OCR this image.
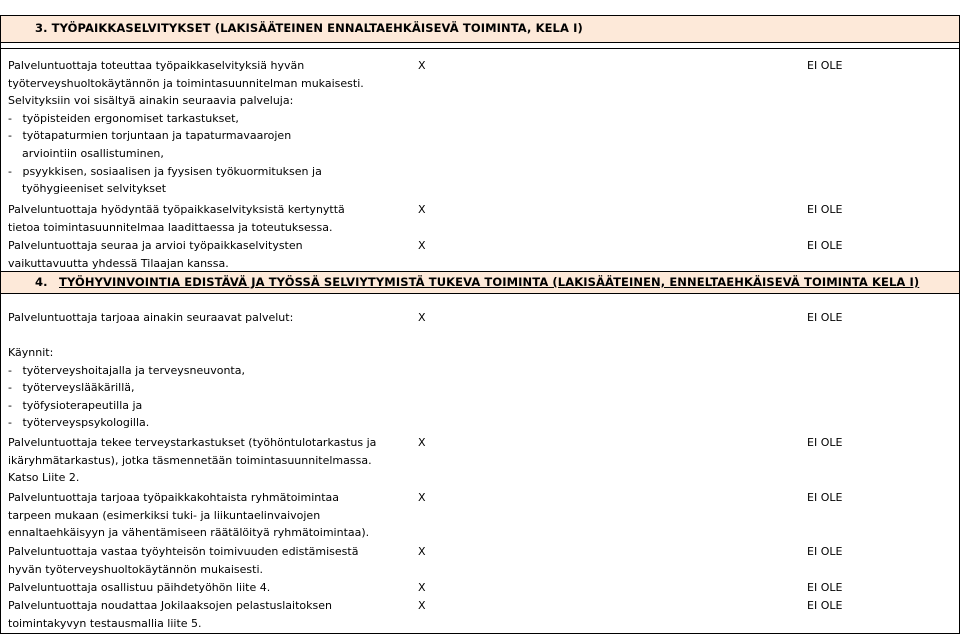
3. TYÖPAIKKASELVITYKSET (LAKISÄÄTEINEN ENNALTAEHKÄISEVÄ TOIMINTA, KELA I)
Palveluntuottaja toteuttaa työpaikkaselvityksiä hyvän
työterveyshuoltokäytännön ja toimintasuunnitelman mukaisesti.
Selvityksiin voi sisältyä ainakin seuraavia palveluja:
-   työpisteiden ergonomiset tarkastukset,
-   työtapaturmien torjuntaan ja tapaturmavaarojen
arviointiin osallistuminen,
-   psyykkisen, sosiaalisen ja fyysisen työkuormituksen ja
työhygieeniset selvitykset
X	EI OLE
Palveluntuottaja hyödyntää työpaikkaselvityksistä kertynyttä
tietoa toimintasuunnitelmaa laadittaessa ja toteutuksessa.
X	EI OLE
Palveluntuottaja seuraa ja arvioi työpaikkaselvitysten
vaikuttavuutta yhdessä Tilaajan kanssa.
X	EI OLE
4. TYÖHYVINVOINTIA EDISTÄVÄ JA TYÖSSÄ SELVIYTYMISTÄ TUKEVA TOIMINTA (LAKISÄÄTEINEN, ENNELTAEHKÄISEVÄ TOIMINTA KELA I)
Palveluntuottaja tarjoaa ainakin seuraavat palvelut:	X	EI OLE
Käynnit:
-   työterveyshoitajalla ja terveysneuvonta,
-   työterveyslääkärillä,
-   työfysioterapeutilla ja
-   työterveyspsykologilla.
Palveluntuottaja tekee terveystarkastukset (työhöntulotarkastus ja
ikäryhmätarkastus), jotka täsmennetään toimintasuunnitelmassa.
Katso Liite 2.
X	EI OLE
Palveluntuottaja tarjoaa työpaikkakohtaista ryhmätoimintaa
tarpeen mukaan (esimerkiksi tuki- ja liikuntaelinvaivojen
ennaltaehkäisyyn ja vähentämiseen räätälöityä ryhmätoimintaa).
X	EI OLE
Palveluntuottaja vastaa työyhteisön toimivuuden edistämisestä
hyvän työterveyshuoltokäytännön mukaisesti.
X	EI OLE
Palveluntuottaja osallistuu päihdetyöhön liite 4.	X	EI OLE
Palveluntuottaja noudattaa Jokilaaksojen pelastuslaitoksen
toimintakyvyn testausmallia liite 5.
X	EI OLE
